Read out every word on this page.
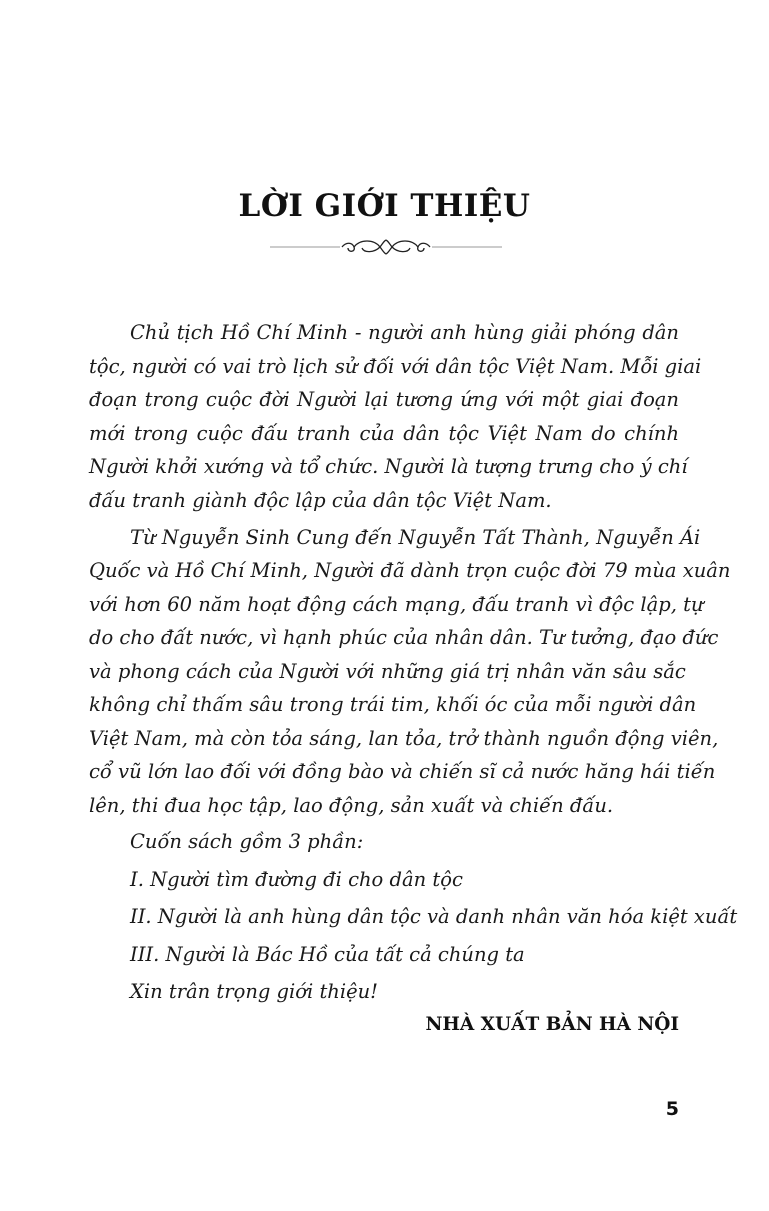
LỜI GIỚI THIỆU
Chủ tịch Hồ Chí Minh - người anh hùng giải phóng dân
tộc, người có vai trò lịch sử đối với dân tộc Việt Nam. Mỗi giai
đoạn trong cuộc đời Người lại tương ứng với một giai đoạn
mới trong cuộc đấu tranh của dân tộc Việt Nam do chính
Người khởi xướng và tổ chức. Người là tượng trưng cho ý chí
đấu tranh giành độc lập của dân tộc Việt Nam.
Từ Nguyễn Sinh Cung đến Nguyễn Tất Thành, Nguyễn Ái
Quốc và Hồ Chí Minh, Người đã dành trọn cuộc đời 79 mùa xuân
với hơn 60 năm hoạt động cách mạng, đấu tranh vì độc lập, tự
do cho đất nước, vì hạnh phúc của nhân dân. Tư tưởng, đạo đức
và phong cách của Người với những giá trị nhân văn sâu sắc
không chỉ thấm sâu trong trái tim, khối óc của mỗi người dân
Việt Nam, mà còn tỏa sáng, lan tỏa, trở thành nguồn động viên,
cổ vũ lớn lao đối với đồng bào và chiến sĩ cả nước hăng hái tiến
lên, thi đua học tập, lao động, sản xuất và chiến đấu.
Cuốn sách gồm 3 phần:
I. Người tìm đường đi cho dân tộc
II. Người là anh hùng dân tộc và danh nhân văn hóa kiệt xuất
III. Người là Bác Hồ của tất cả chúng ta
Xin trân trọng giới thiệu!
NHÀ XUẤT BẢN HÀ NỘI
5
